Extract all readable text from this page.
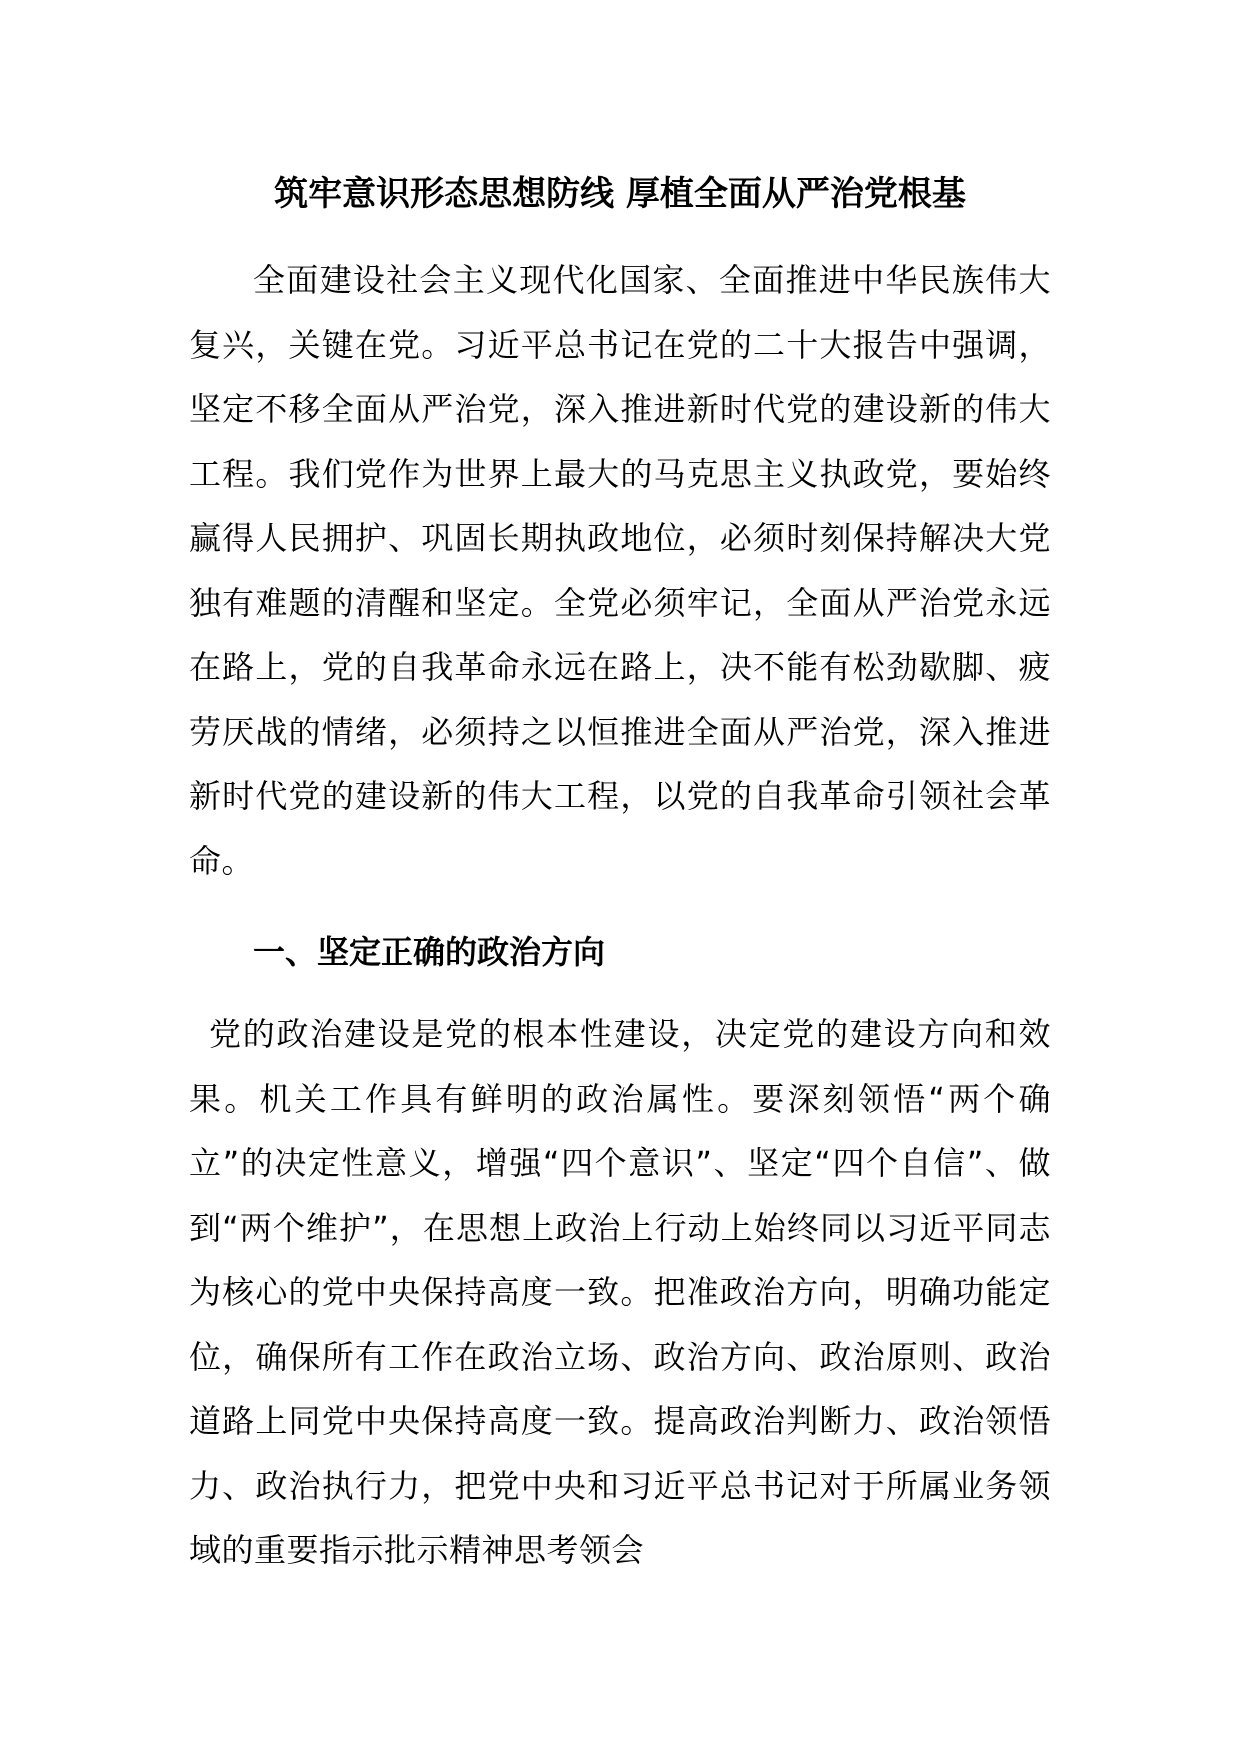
筑牢意识形态思想防线 厚植全面从严治党根基
全面建设社会主义现代化国家、全面推进中华民族伟大复兴，关键在党。习近平总书记在党的二十大报告中强调，坚定不移全面从严治党，深入推进新时代党的建设新的伟大工程。我们党作为世界上最大的马克思主义执政党，要始终赢得人民拥护、巩固长期执政地位，必须时刻保持解决大党独有难题的清醒和坚定。全党必须牢记，全面从严治党永远在路上，党的自我革命永远在路上，决不能有松劲歇脚、疲劳厌战的情绪，必须持之以恒推进全面从严治党，深入推进新时代党的建设新的伟大工程，以党的自我革命引领社会革命。
一、坚定正确的政治方向
党的政治建设是党的根本性建设，决定党的建设方向和效果。机关工作具有鲜明的政治属性。要深刻领悟“两个确立”的决定性意义，增强“四个意识”、坚定“四个自信”、做到“两个维护”，在思想上政治上行动上始终同以习近平同志为核心的党中央保持高度一致。把准政治方向，明确功能定位，确保所有工作在政治立场、政治方向、政治原则、政治道路上同党中央保持高度一致。提高政治判断力、政治领悟力、政治执行力，把党中央和习近平总书记对于所属业务领域的重要指示批示精神思考领会
